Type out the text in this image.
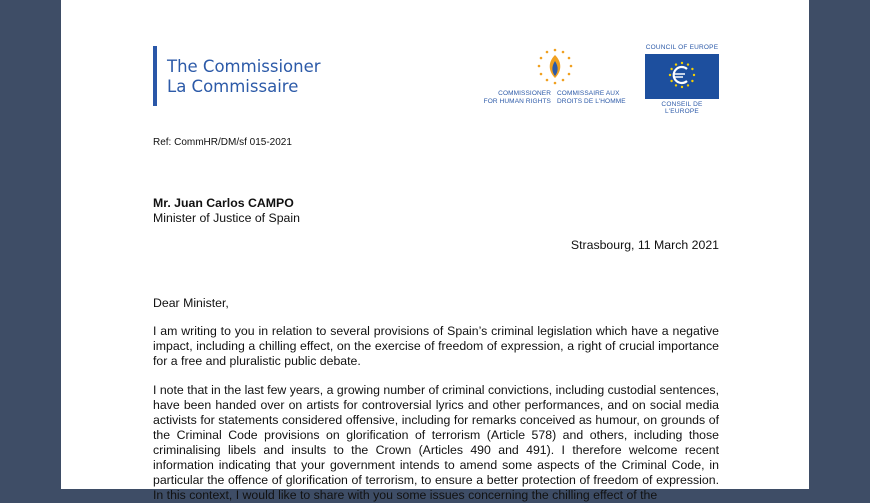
The Commissioner
La Commissaire	COMMISSIONER
FOR HUMAN RIGHTS
COMMISSAIRE AUX
DROITS DE L'HOMME
COUNCIL OF EUROPE
CONSEIL DE L'EUROPE
Ref: CommHR/DM/sf 015-2021
Mr. Juan Carlos CAMPO
Minister of Justice of Spain
Strasbourg, 11 March 2021
Dear Minister,
I am writing to you in relation to several provisions of Spain’s criminal legislation which have a negative impact, including a chilling effect, on the exercise of freedom of expression, a right of crucial importance for a free and pluralistic public debate.
I note that in the last few years, a growing number of criminal convictions, including custodial sentences, have been handed over on artists for controversial lyrics and other performances, and on social media activists for statements considered offensive, including for remarks conceived as humour, on grounds of the Criminal Code provisions on glorification of terrorism (Article 578) and others, including those criminalising libels and insults to the Crown (Articles 490 and 491). I therefore welcome recent information indicating that your government intends to amend some aspects of the Criminal Code, in particular the offence of glorification of terrorism, to ensure a better protection of freedom of expression. In this context, I would like to share with you some issues concerning the chilling effect of the
